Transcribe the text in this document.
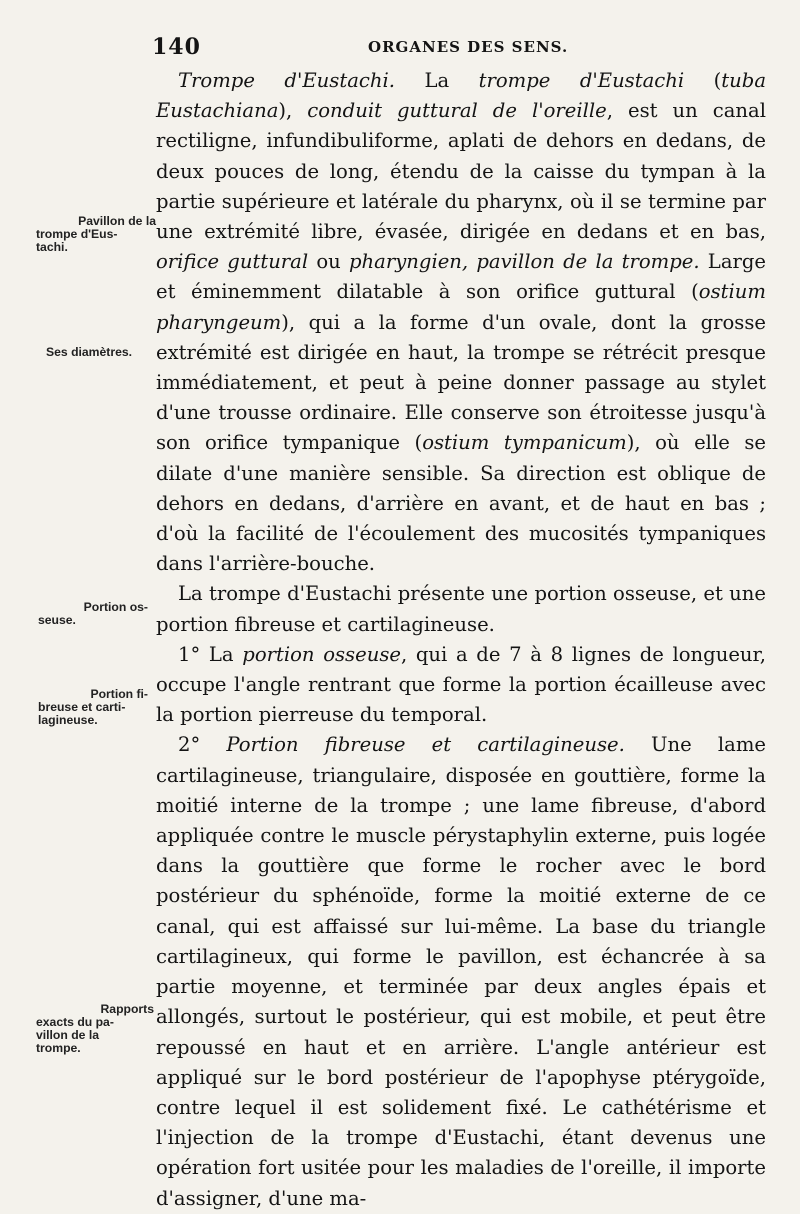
140	ORGANES DES SENS.
Pavillon de la
trompe d'Eus-
tachi.
Ses diamètres.
Portion os-
seuse.
Portion fi-
breuse et carti-
lagineuse.
Rapports
exacts du pa-
villon de la
trompe.

Trompe d'Eustachi. La trompe d'Eustachi (tuba Eustachiana), conduit guttural de l'oreille, est un canal rectiligne, infundibuliforme, aplati de dehors en dedans, de deux pouces de long, étendu de la caisse du tympan à la partie supérieure et latérale du pharynx, où il se termine par une extrémité libre, évasée, dirigée en dedans et en bas, orifice guttural ou pharyngien, pavillon de la trompe. Large et éminemment dilatable à son orifice guttural (ostium pharyngeum), qui a la forme d'un ovale, dont la grosse extrémité est dirigée en haut, la trompe se rétrécit presque immédiatement, et peut à peine donner passage au stylet d'une trousse ordinaire. Elle conserve son étroitesse jusqu'à son orifice tympanique (ostium tympanicum), où elle se dilate d'une manière sensible. Sa direction est oblique de dehors en dedans, d'arrière en avant, et de haut en bas ; d'où la facilité de l'écoulement des mucosités tympaniques dans l'arrière-bouche.

La trompe d'Eustachi présente une portion osseuse, et une portion fibreuse et cartilagineuse.

1° La portion osseuse, qui a de 7 à 8 lignes de longueur, occupe l'angle rentrant que forme la portion écailleuse avec la portion pierreuse du temporal.

2° Portion fibreuse et cartilagineuse. Une lame cartilagineuse, triangulaire, disposée en gouttière, forme la moitié interne de la trompe ; une lame fibreuse, d'abord appliquée contre le muscle pérystaphylin externe, puis logée dans la gouttière que forme le rocher avec le bord postérieur du sphénoïde, forme la moitié externe de ce canal, qui est affaissé sur lui-même. La base du triangle cartilagineux, qui forme le pavillon, est échancrée à sa partie moyenne, et terminée par deux angles épais et allongés, surtout le postérieur, qui est mobile, et peut être repoussé en haut et en arrière. L'angle antérieur est appliqué sur le bord postérieur de l'apophyse ptérygoïde, contre lequel il est solidement fixé. Le cathétérisme et l'injection de la trompe d'Eustachi, étant devenus une opération fort usitée pour les maladies de l'oreille, il importe d'assigner, d'une ma-
